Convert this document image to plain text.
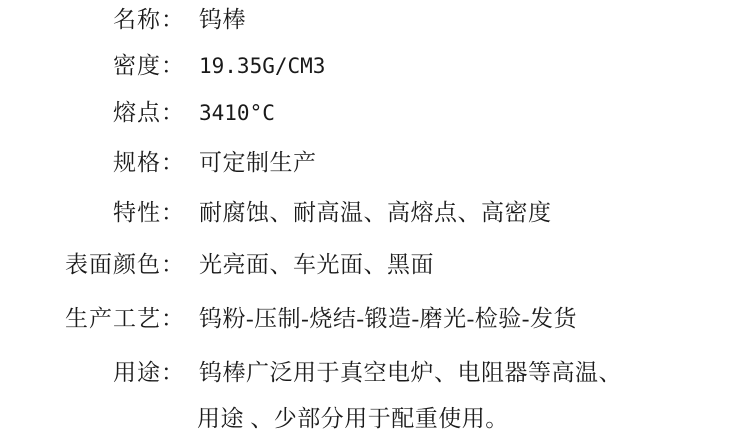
名称： 钨棒
密度： 19.35G/CM3
熔点： 3410°C
规格： 可定制生产
特性： 耐腐蚀、耐高温、高熔点、高密度
表面颜色： 光亮面、车光面、黑面
生产工艺： 钨粉-压制-烧结-锻造-磨光-检验-发货
用途： 钨棒广泛用于真空电炉、电阻器等高温、
用途 、少部分用于配重使用。
